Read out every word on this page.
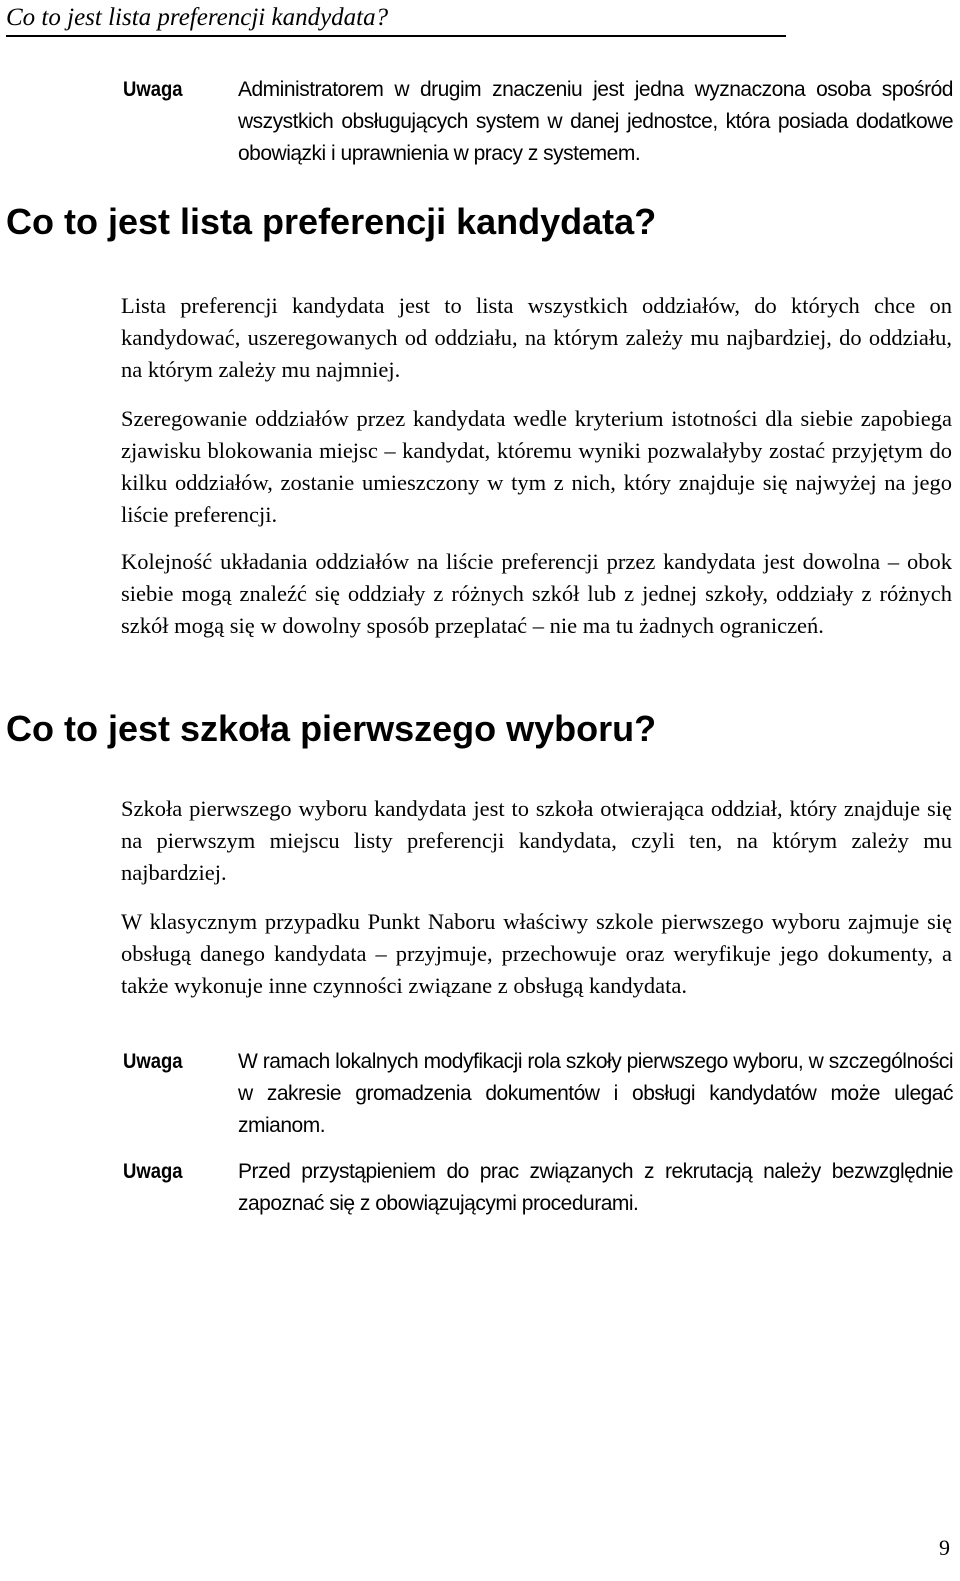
Co to jest lista preferencji kandydata?
Uwaga	Administratorem w drugim znaczeniu jest jedna wyznaczona osoba spośród wszystkich obsługujących system w danej jednostce, która posiada dodatkowe obowiązki i uprawnienia w pracy z systemem.
Co to jest lista preferencji kandydata?

Lista preferencji kandydata jest to lista wszystkich oddziałów, do których chce on kandydować, uszeregowanych od oddziału, na którym zależy mu najbardziej, do oddziału, na którym zależy mu najmniej.

Szeregowanie oddziałów przez kandydata wedle kryterium istotności dla siebie zapobiega zjawisku blokowania miejsc – kandydat, któremu wyniki pozwalałyby zostać przyjętym do kilku oddziałów, zostanie umieszczony w tym z nich, który znajduje się najwyżej na jego liście preferencji.

Kolejność układania oddziałów na liście preferencji przez kandydata jest dowolna – obok siebie mogą znaleźć się oddziały z różnych szkół lub z jednej szkoły, oddziały z różnych szkół mogą się w dowolny sposób przeplatać – nie ma tu żadnych ograniczeń.

Co to jest szkoła pierwszego wyboru?

Szkoła pierwszego wyboru kandydata jest to szkoła otwierająca oddział, który znajduje się na pierwszym miejscu listy preferencji kandydata, czyli ten, na którym zależy mu najbardziej.

W klasycznym przypadku Punkt Naboru właściwy szkole pierwszego wyboru zajmuje się obsługą danego kandydata – przyjmuje, przechowuje oraz weryfikuje jego dokumenty, a także wykonuje inne czynności związane z obsługą kandydata.

Uwaga	W ramach lokalnych modyfikacji rola szkoły pierwszego wyboru, w szczególności w zakresie gromadzenia dokumentów i obsługi kandydatów może ulegać zmianom.
Uwaga	Przed przystąpieniem do prac związanych z rekrutacją należy bezwzględnie zapoznać się z obowiązującymi procedurami.
9
